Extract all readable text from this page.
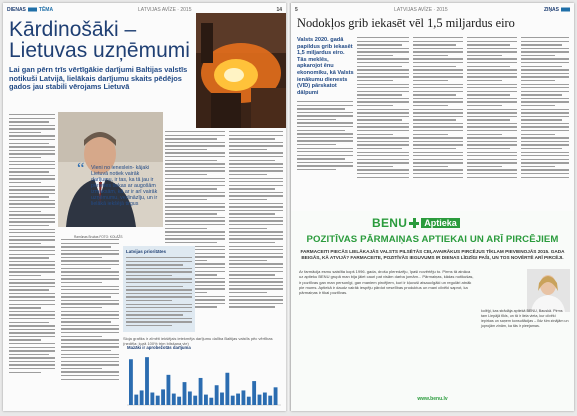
DIENAS	TĒMA	LATVIJAS AVĪZE · 2015	14
Kārdinošāki –
Lietuvas uzņēmumi
Lai gan pērn trīs vērtīgākie darījumi Baltijas valstīs notikuši Latvijā, lielākais darījumu skaits pēdējos gados jau stabili vērojams Lietuvā
“ Vieni no ieneslein- kājaki Lietuvā notiek vairāk darījumu, ir tas, ka tā jau ir pērieties tiekas ar augošām izmaksām, kā ar ir arī vairāk uzņēmumu, vedināzīju, un ir lielākā iekšējā tirgus
Ramūnas Bružas FOTO: KOLĀŽS
Latvijas prioritātes
Sloja grafiks ir zīmēti iekšējais ietekmēja darījumu dalība Baltijas valstīs pēc vērtības (nedēļa: kurā 100% trim bilsšana vie)
Mazāki ir aprobežotās darījuma
5	LATVIJAS AVĪZE · 2015	ZIŅAS
Nodokļos grib iekasēt vēl 1,5 miljardus eiro
Valsts 2020. gadā papildus grib iekasēt 1,5 miljardus eiro. Tās meklēs, apkarojot ēnu ekonomiku, kā Valsts ienākumu dienests (VID) pārskatot dālpumi
BENU	Aptieka
POZITĪVAS PĀRMAIŅAS APTIEKAI UN ARĪ PIRCĒJIEM
FARMACEITI PIECĀS LIELĀKAJĀS VALSTS PILSĒTĀS CEĻAVAIRĀKUS PIRCĒJUS TĪKLAM PIEVIENOJĀS 2015. GADA BEIGĀS, KĀ ATVIJĀ? FARMACEITE, POZITĪVĀS IEGUVUMS IR DIENAS LĪDZĪGI PAŠI, UN TOS NOVĒRTĒ ARĪ PIRCĒJI.
Ar farmācija esmu saistīta kopš 1996. gada, drošu pi̇eredzēju, īpaši novērtēju to. Pirms tā atnāca uz aptieku BENU grupā man bija jāiet cauri pat visām darba jomām... Pārmaiņas, kādas notikušas, ir pozitīvas gan man personīgi, gan maniem pircējiem, kuri ir kļuvuši atsaucīgāki un regulāri atnāk pie mums. Aptiekā ir daudz vairāk iespēju pārdot veselības produktus un mani cilvēki saprot, ka pārmaiņas ir tikai pozitīvas.
kolēģi, kas strādāja aptiekā BENU, Bauskā. Pirms tam Liepājā tīkls, un tā ir liela vieta, kur cilvēki iepirkas un saņem konsultācijas – līdz šim zinājām un joprojām zinām, ka tās ir pieejamas.
www.benu.lv
